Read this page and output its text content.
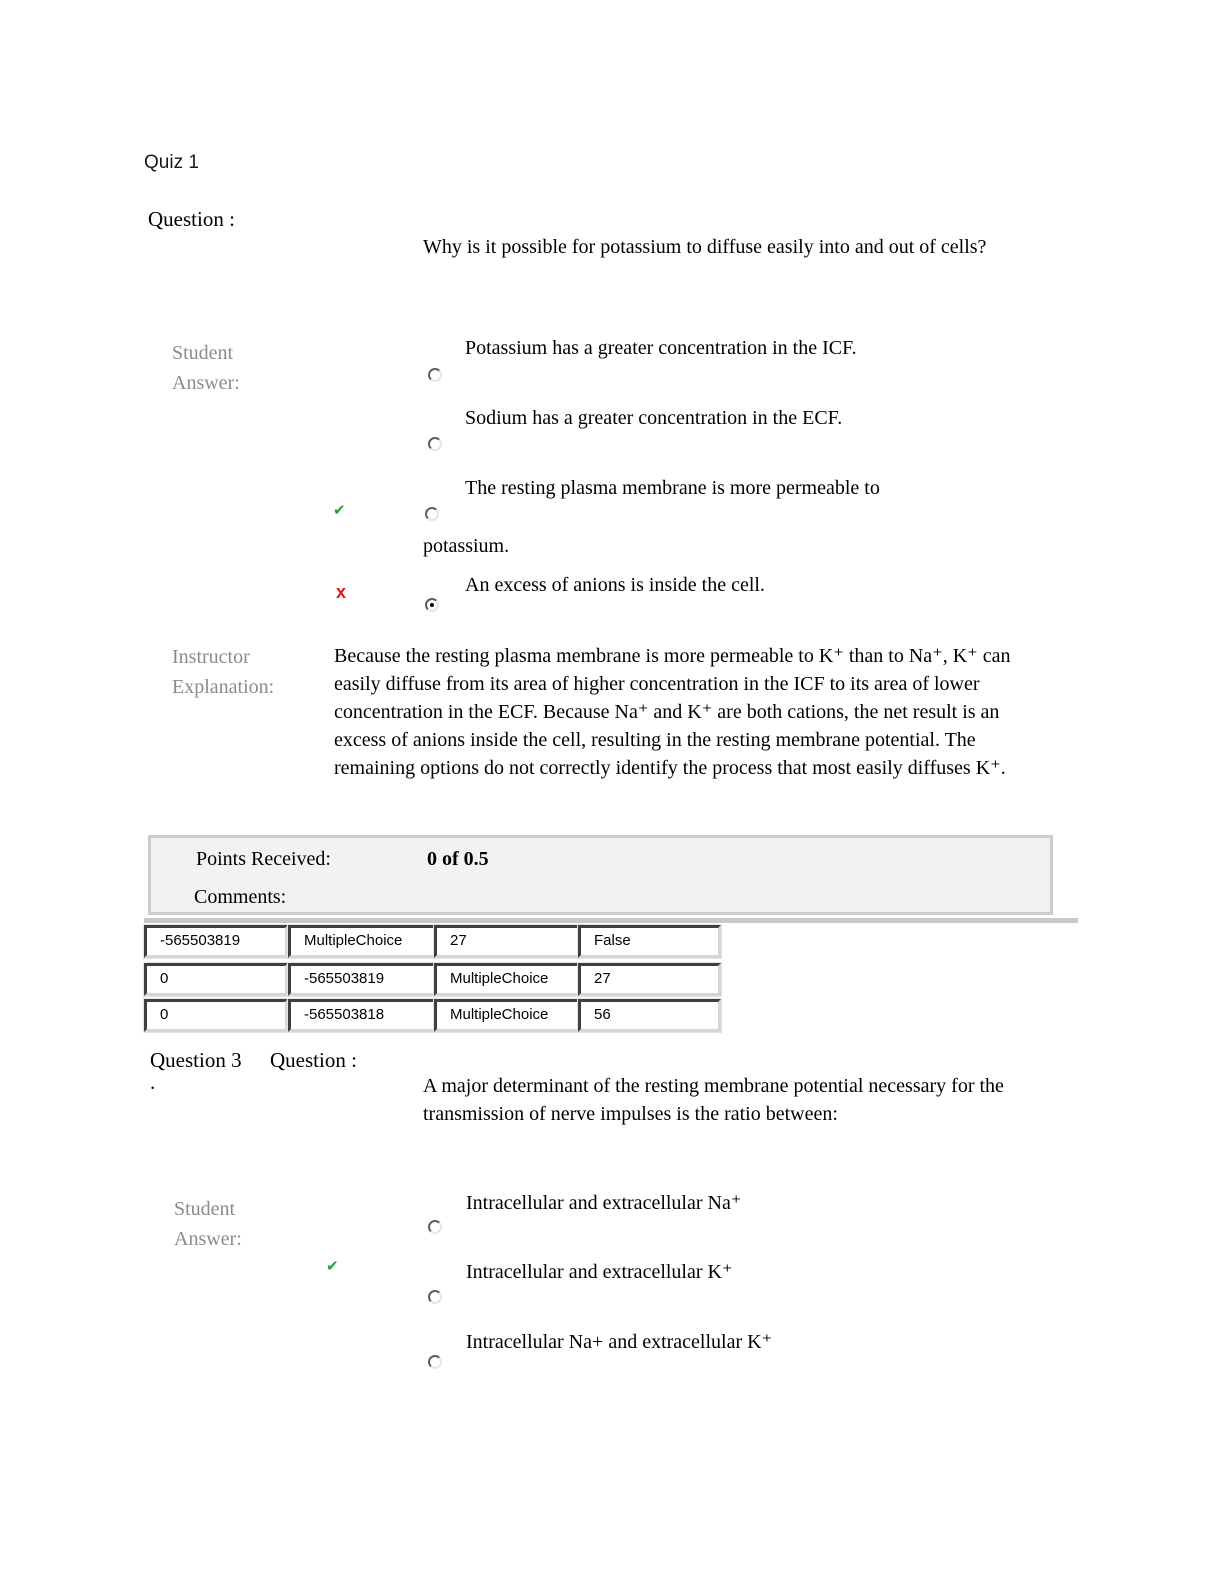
Quiz 1
Question :
Why is it possible for potassium to diffuse easily into and out of cells?
Student
Answer:
Potassium has a greater concentration in the ICF.
Sodium has a greater concentration in the ECF.
✔
The resting plasma membrane is more permeable to
potassium.
x	An excess of anions is inside the cell.
Instructor
Explanation:
Because the resting plasma membrane is more permeable to K⁺ than to Na⁺, K⁺ can easily diffuse from its area of higher concentration in the ICF to its area of lower concentration in the ECF. Because Na⁺ and K⁺ are both cations, the net result is an excess of anions inside the cell, resulting in the resting membrane potential. The remaining options do not correctly identify the process that most easily diffuses K⁺.
Points Received:	0 of 0.5
Comments:
-565503819	MultipleChoice	27	False
0	-565503819	MultipleChoice	27
0	-565503818	MultipleChoice	56
Question 3 Question :
.	A major determinant of the resting membrane potential necessary for the transmission of nerve impulses is the ratio between:
Student
Answer:
Intracellular and extracellular Na⁺
✔	Intracellular and extracellular K⁺
Intracellular Na+ and extracellular K⁺
